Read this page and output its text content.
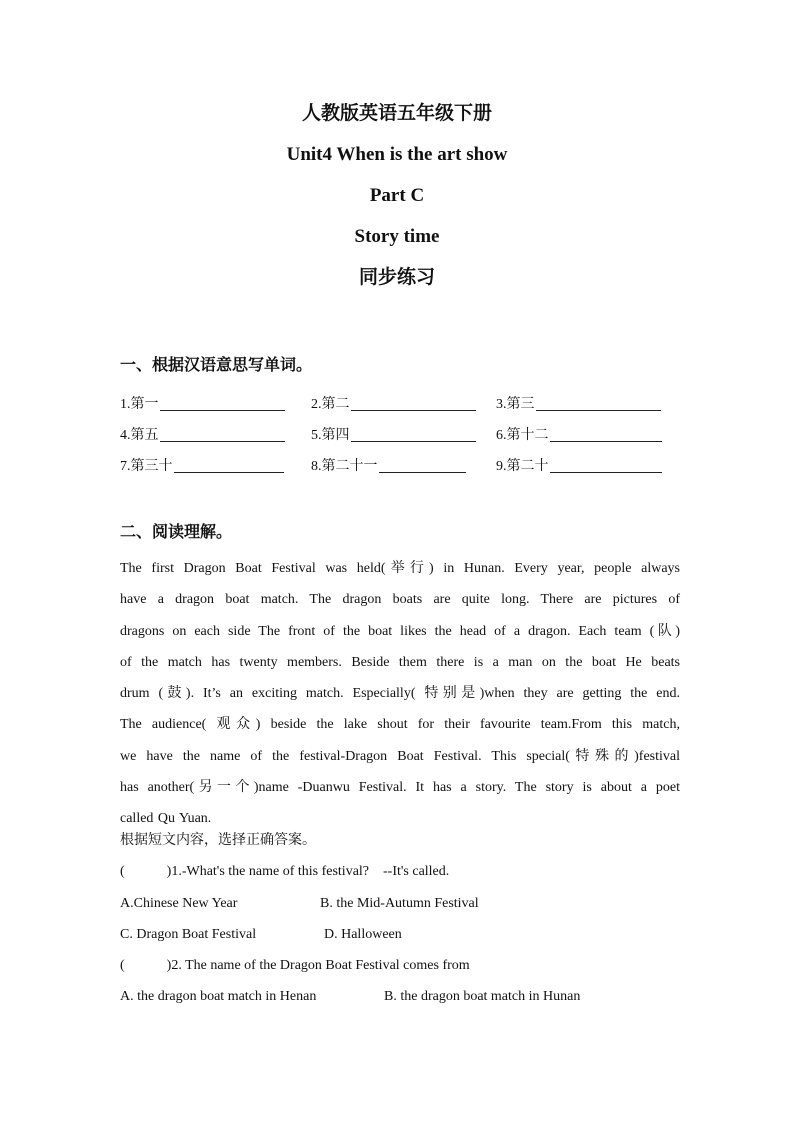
人教版英语五年级下册
Unit4 When is the art show
Part C
Story time
同步练习
一、根据汉语意思写单词。
1.第一	2.第二	3.第三
4.第五	5.第四	6.第十二
7.第三十	8.第二十一	9.第二十
二、阅读理解。
The first Dragon Boat Festival was held(举行) in Hunan. Every year, people always
have a dragon boat match. The dragon boats are quite long. There are pictures of
dragons on each side The front of the boat likes the head of a dragon. Each team (队)
of the match has twenty members. Beside them there is a man on the boat He beats
drum (鼓). It’s an exciting match. Especially( 特别是)when they are getting the end.
The audience( 观众) beside the lake shout for their favourite team.From this match,
we have the name of the festival-Dragon Boat Festival. This special(特殊的)festival
has another(另一个)name -Duanwu Festival. It has a story. The story is about a poet
called Qu Yuan.
根据短文内容，选择正确答案。
(　　　)1.-What's the name of this festival?　--It's called.
A.Chinese New Year	B. the Mid-Autumn Festival
C. Dragon Boat Festival	D. Halloween
(　　　)2. The name of the Dragon Boat Festival comes from
A. the dragon boat match in Henan	B. the dragon boat match in Hunan
